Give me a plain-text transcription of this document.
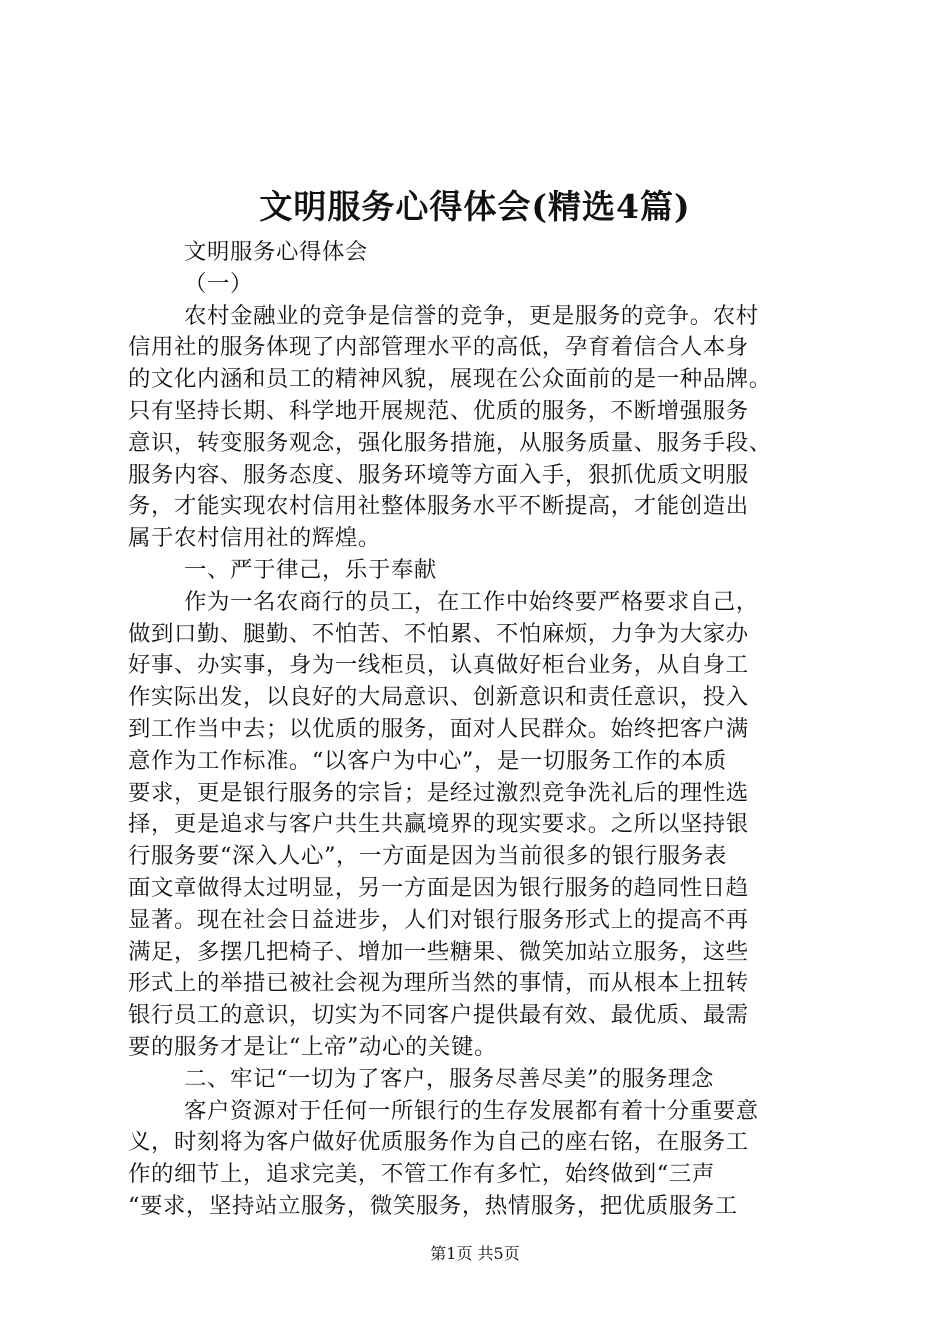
文明服务心得体会(精选4篇)
文明服务心得体会
（一）
农村金融业的竞争是信誉的竞争，更是服务的竞争。农村
信用社的服务体现了内部管理水平的高低，孕育着信合人本身
的文化内涵和员工的精神风貌，展现在公众面前的是一种品牌。
只有坚持长期、科学地开展规范、优质的服务，不断增强服务
意识，转变服务观念，强化服务措施，从服务质量、服务手段、
服务内容、服务态度、服务环境等方面入手，狠抓优质文明服
务，才能实现农村信用社整体服务水平不断提高，才能创造出
属于农村信用社的辉煌。
一、严于律己，乐于奉献
作为一名农商行的员工，在工作中始终要严格要求自己，
做到口勤、腿勤、不怕苦、不怕累、不怕麻烦，力争为大家办
好事、办实事，身为一线柜员，认真做好柜台业务，从自身工
作实际出发，以良好的大局意识、创新意识和责任意识，投入
到工作当中去；以优质的服务，面对人民群众。始终把客户满
意作为工作标准。“以客户为中心”，是一切服务工作的本质
要求，更是银行服务的宗旨；是经过激烈竞争洗礼后的理性选
择，更是追求与客户共生共赢境界的现实要求。之所以坚持银
行服务要“深入人心”，一方面是因为当前很多的银行服务表
面文章做得太过明显，另一方面是因为银行服务的趋同性日趋
显著。现在社会日益进步，人们对银行服务形式上的提高不再
满足，多摆几把椅子、增加一些糖果、微笑加站立服务，这些
形式上的举措已被社会视为理所当然的事情，而从根本上扭转
银行员工的意识，切实为不同客户提供最有效、最优质、最需
要的服务才是让“上帝”动心的关键。
二、牢记“一切为了客户，服务尽善尽美”的服务理念
客户资源对于任何一所银行的生存发展都有着十分重要意
义，时刻将为客户做好优质服务作为自己的座右铭，在服务工
作的细节上，追求完美，不管工作有多忙，始终做到“三声
“要求，坚持站立服务，微笑服务，热情服务，把优质服务工
第1页 共5页
